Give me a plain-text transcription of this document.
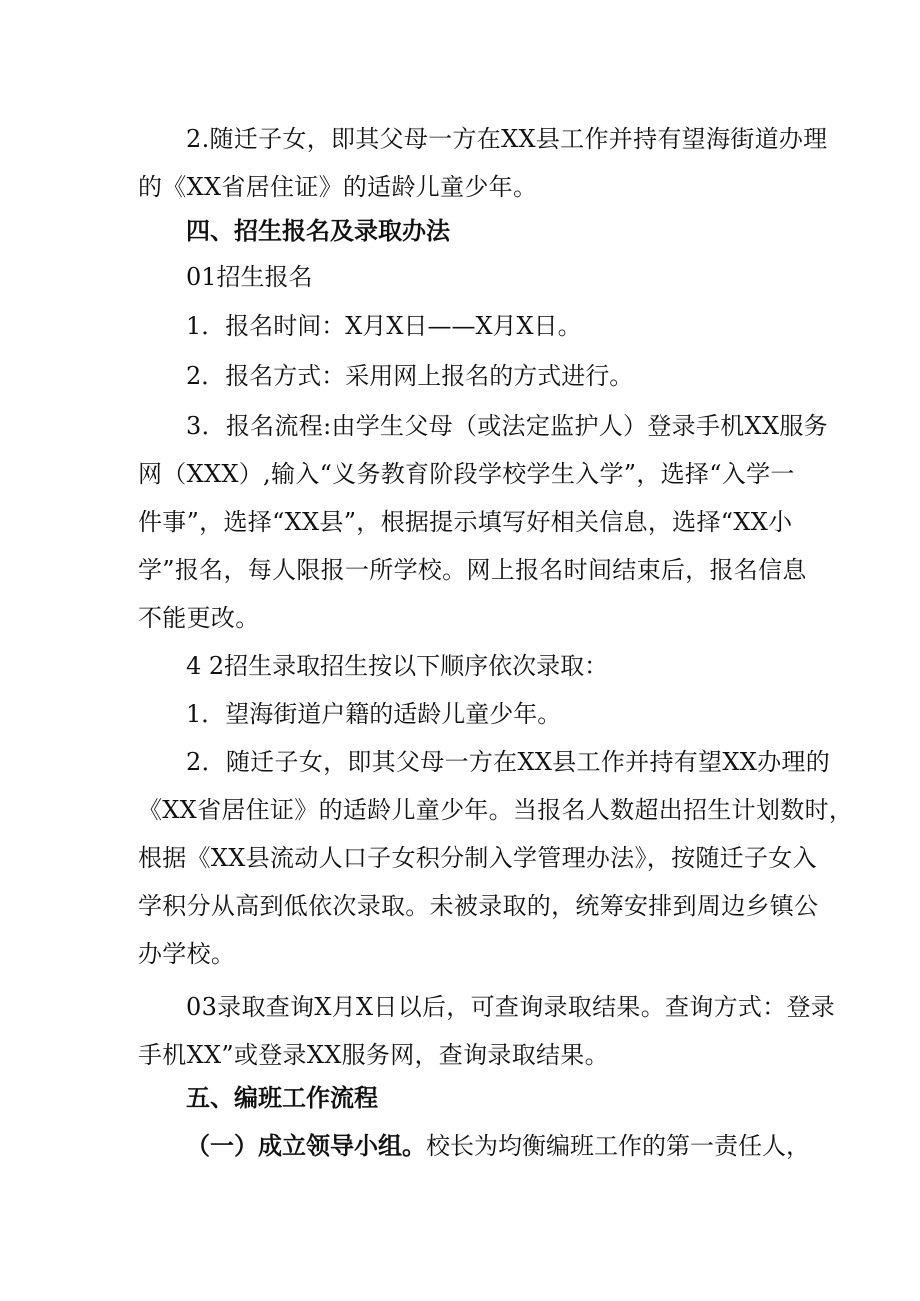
2.随迁子女，即其父母一方在XX县工作并持有望海街道办理
的《XX省居住证》的适龄儿童少年。
四、招生报名及录取办法
01招生报名
1．报名时间：X月X日——X月X日。
2．报名方式：采用网上报名的方式进行。
3．报名流程:由学生父母（或法定监护人）登录手机XX服务
网（XXX）,输入“义务教育阶段学校学生入学”，选择“入学一
件事”，选择“XX县”，根据提示填写好相关信息，选择“XX小
学”报名，每人限报一所学校。网上报名时间结束后，报名信息
不能更改。
4 2招生录取招生按以下顺序依次录取：
1．望海街道户籍的适龄儿童少年。
2．随迁子女，即其父母一方在XX县工作并持有望XX办理的
《XX省居住证》的适龄儿童少年。当报名人数超出招生计划数时，
根据《XX县流动人口子女积分制入学管理办法》，按随迁子女入
学积分从高到低依次录取。未被录取的，统筹安排到周边乡镇公
办学校。
03录取查询X月X日以后，可查询录取结果。查询方式：登录
手机XX”或登录XX服务网，查询录取结果。
五、编班工作流程
（一）成立领导小组。校长为均衡编班工作的第一责任人，
